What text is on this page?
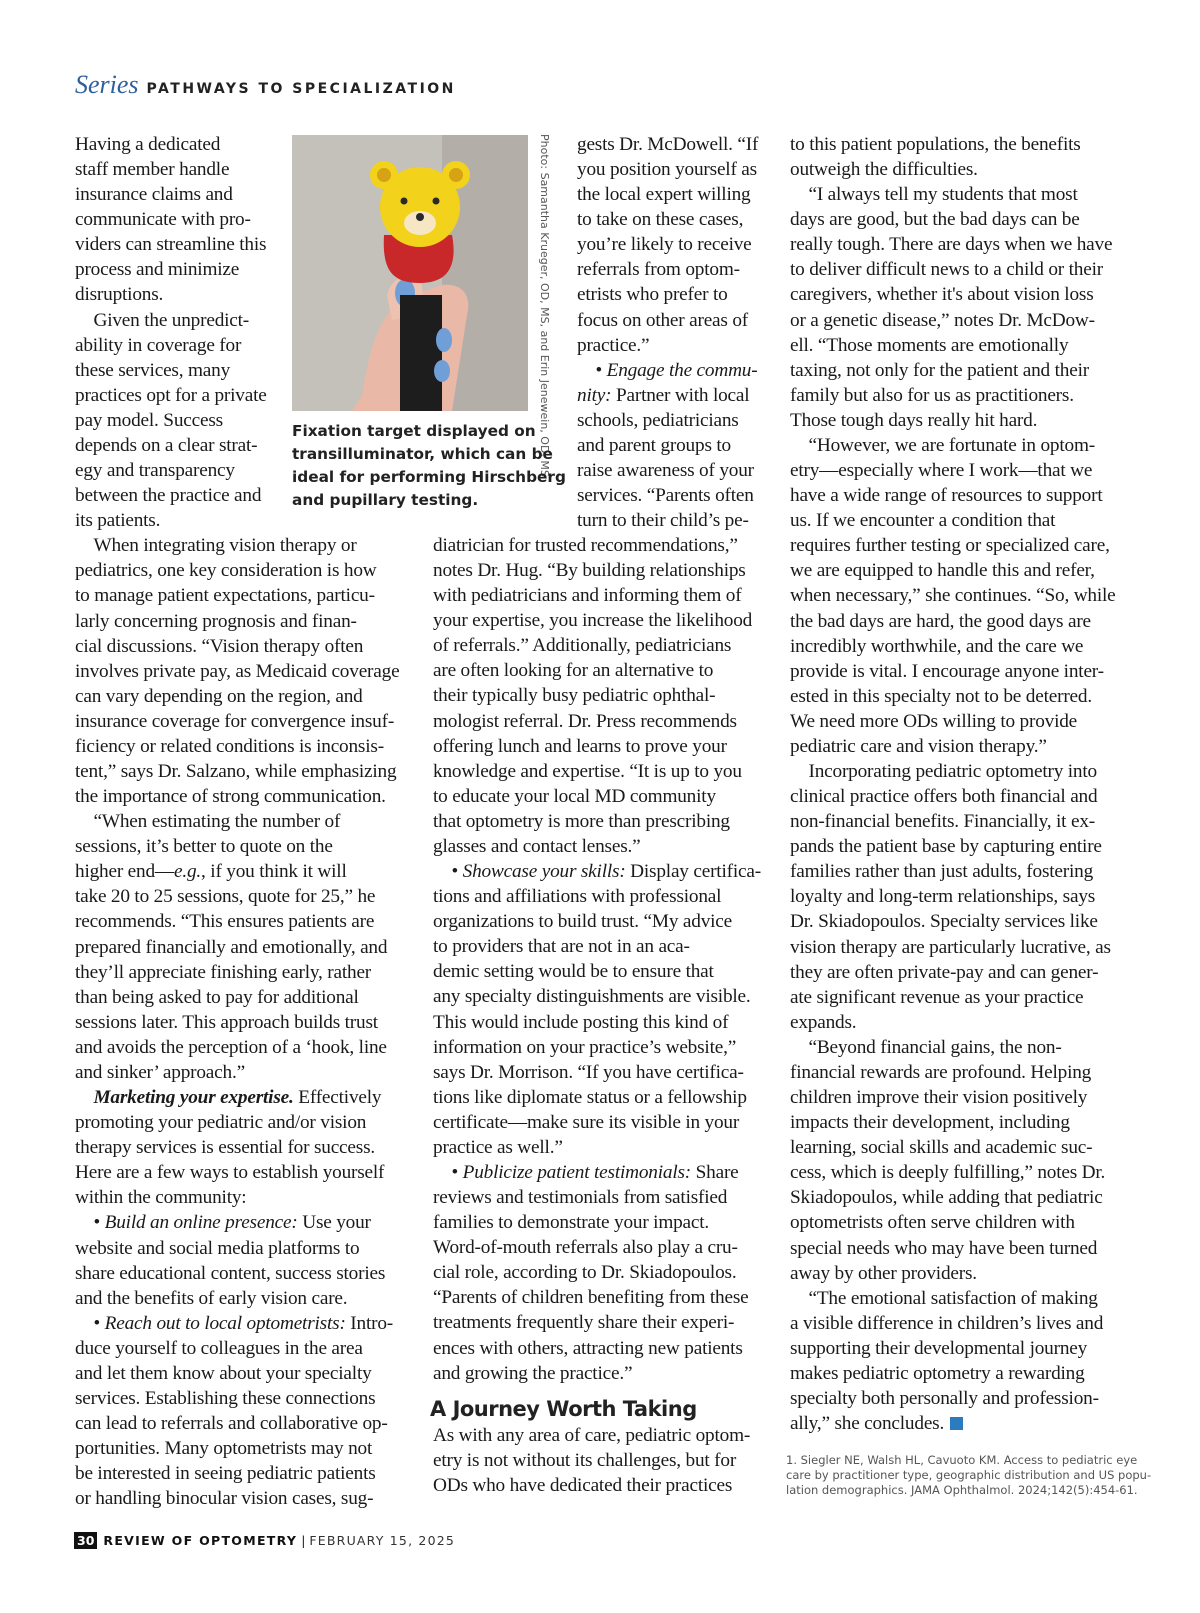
Series PATHWAYS TO SPECIALIZATION
Photo: Samantha Krueger, OD, MS, and Erin Jenewein, OD, MS
Fixation target displayed on
transilluminator, which can be
ideal for performing Hirschberg
and pupillary testing.
Having a dedicated
staff member handle
insurance claims and
communicate with pro-
viders can streamline this
process and minimize
disruptions.
Given the unpredict-
ability in coverage for
these services, many
practices opt for a private
pay model. Success
depends on a clear strat-
egy and transparency
between the practice and
its patients.
When integrating vision therapy or
pediatrics, one key consideration is how
to manage patient expectations, particu-
larly concerning prognosis and finan-
cial discussions. “Vision therapy often
involves private pay, as Medicaid coverage
can vary depending on the region, and
insurance coverage for convergence insuf-
ficiency or related conditions is inconsis-
tent,” says Dr. Salzano, while emphasizing
the importance of strong communication.
“When estimating the number of
sessions, it’s better to quote on the
higher end—e.g., if you think it will
take 20 to 25 sessions, quote for 25,” he
recommends. “This ensures patients are
prepared financially and emotionally, and
they’ll appreciate finishing early, rather
than being asked to pay for additional
sessions later. This approach builds trust
and avoids the perception of a ‘hook, line
and sinker’ approach.”
Marketing your expertise. Effectively
promoting your pediatric and/or vision
therapy services is essential for success.
Here are a few ways to establish yourself
within the community:
• Build an online presence: Use your
website and social media platforms to
share educational content, success stories
and the benefits of early vision care.
• Reach out to local optometrists: Intro-
duce yourself to colleagues in the area
and let them know about your specialty
services. Establishing these connections
can lead to referrals and collaborative op-
portunities. Many optometrists may not
be interested in seeing pediatric patients
or handling binocular vision cases, sug-
gests Dr. McDowell. “If
you position yourself as
the local expert willing
to take on these cases,
you’re likely to receive
referrals from optom-
etrists who prefer to
focus on other areas of
practice.”
• Engage the commu-
nity: Partner with local
schools, pediatricians
and parent groups to
raise awareness of your
services. “Parents often
turn to their child’s pe-
diatrician for trusted recommendations,”
notes Dr. Hug. “By building relationships
with pediatricians and informing them of
your expertise, you increase the likelihood
of referrals.” Additionally, pediatricians
are often looking for an alternative to
their typically busy pediatric ophthal-
mologist referral. Dr. Press recommends
offering lunch and learns to prove your
knowledge and expertise. “It is up to you
to educate your local MD community
that optometry is more than prescribing
glasses and contact lenses.”
• Showcase your skills: Display certifica-
tions and affiliations with professional
organizations to build trust. “My advice
to providers that are not in an aca-
demic setting would be to ensure that
any specialty distinguishments are visible.
This would include posting this kind of
information on your practice’s website,”
says Dr. Morrison. “If you have certifica-
tions like diplomate status or a fellowship
certificate—make sure its visible in your
practice as well.”
• Publicize patient testimonials: Share
reviews and testimonials from satisfied
families to demonstrate your impact.
Word-of-mouth referrals also play a cru-
cial role, according to Dr. Skiadopoulos.
“Parents of children benefiting from these
treatments frequently share their experi-
ences with others, attracting new patients
and growing the practice.”
A Journey Worth Taking
As with any area of care, pediatric optom-
etry is not without its challenges, but for
ODs who have dedicated their practices
to this patient populations, the benefits
outweigh the difficulties.
“I always tell my students that most
days are good, but the bad days can be
really tough. There are days when we have
to deliver difficult news to a child or their
caregivers, whether it's about vision loss
or a genetic disease,” notes Dr. McDow-
ell. “Those moments are emotionally
taxing, not only for the patient and their
family but also for us as practitioners.
Those tough days really hit hard.
“However, we are fortunate in optom-
etry—especially where I work—that we
have a wide range of resources to support
us. If we encounter a condition that
requires further testing or specialized care,
we are equipped to handle this and refer,
when necessary,” she continues. “So, while
the bad days are hard, the good days are
incredibly worthwhile, and the care we
provide is vital. I encourage anyone inter-
ested in this specialty not to be deterred.
We need more ODs willing to provide
pediatric care and vision therapy.”
Incorporating pediatric optometry into
clinical practice offers both financial and
non-financial benefits. Financially, it ex-
pands the patient base by capturing entire
families rather than just adults, fostering
loyalty and long-term relationships, says
Dr. Skiadopoulos. Specialty services like
vision therapy are particularly lucrative, as
they are often private-pay and can gener-
ate significant revenue as your practice
expands.
“Beyond financial gains, the non-
financial rewards are profound. Helping
children improve their vision positively
impacts their development, including
learning, social skills and academic suc-
cess, which is deeply fulfilling,” notes Dr.
Skiadopoulos, while adding that pediatric
optometrists often serve children with
special needs who may have been turned
away by other providers.
“The emotional satisfaction of making
a visible difference in children’s lives and
supporting their developmental journey
makes pediatric optometry a rewarding
specialty both personally and profession-
ally,” she concludes.
1. Siegler NE, Walsh HL, Cavuoto KM. Access to pediatric eye
care by practitioner type, geographic distribution and US popu-
lation demographics. JAMA Ophthalmol. 2024;142(5):454-61.
30 REVIEW OF OPTOMETRY | FEBRUARY 15, 2025
